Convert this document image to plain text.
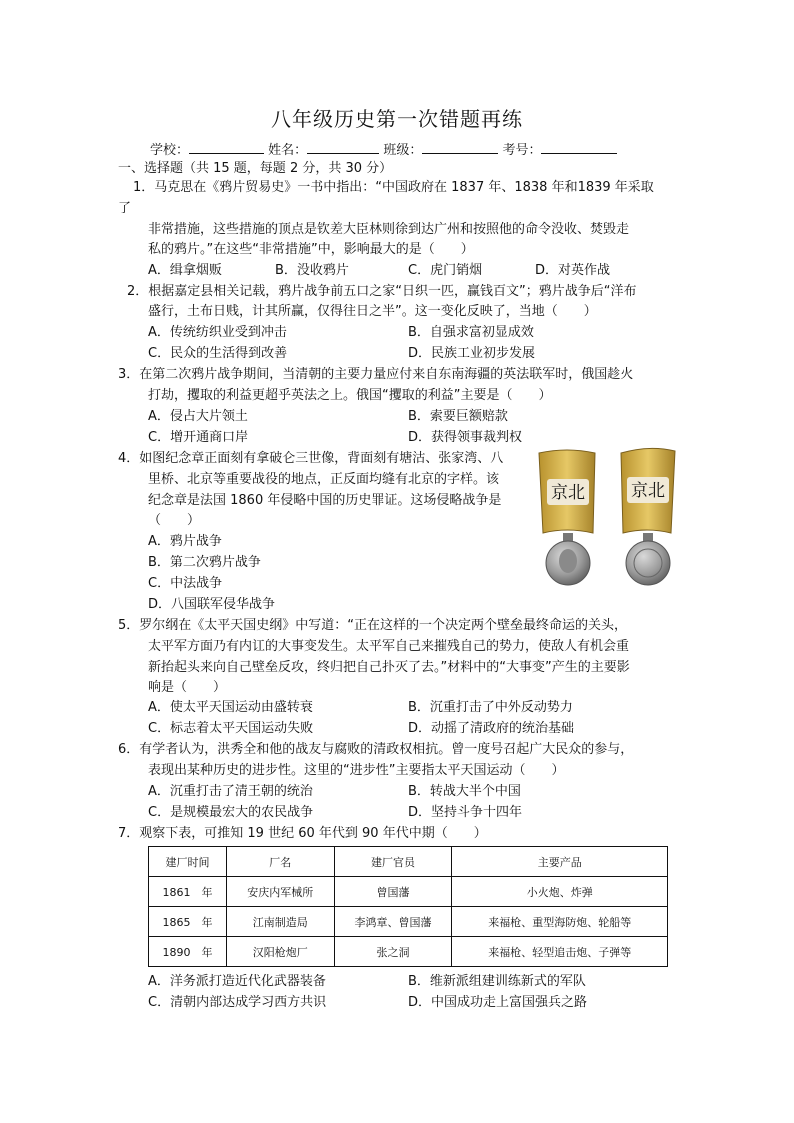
八年级历史第一次错题再练
学校：	姓名：	班级：	考号：
一、选择题（共 15 题，每题 2 分，共 30 分）
1．马克思在《鸦片贸易史》一书中指出：“中国政府在 1837 年、1838 年和1839 年采取
了
非常措施，这些措施的顶点是钦差大臣林则徐到达广州和按照他的命令没收、焚毁走
私的鸦片。”在这些“非常措施”中，影响最大的是（　　）
A．缉拿烟贩	B．没收鸦片	C．虎门销烟	D．对英作战
2．根据嘉定县相关记载，鸦片战争前五口之家“日织一匹，赢钱百文”；鸦片战争后“洋布
盛行，土布日贱，计其所赢，仅得往日之半”。这一变化反映了，当地（　　）
A．传统纺织业受到冲击	B．自强求富初显成效
C．民众的生活得到改善	D．民族工业初步发展
3．在第二次鸦片战争期间，当清朝的主要力量应付来自东南海疆的英法联军时，俄国趁火
打劫，攫取的利益更超乎英法之上。俄国“攫取的利益”主要是（　　）
A．侵占大片领土	B．索要巨额赔款
C．增开通商口岸	D．获得领事裁判权
4．如图纪念章正面刻有拿破仑三世像，背面刻有塘沽、张家湾、八
里桥、北京等重要战役的地点，正反面均缝有北京的字样。该
纪念章是法国 1860 年侵略中国的历史罪证。这场侵略战争是
（　　）
A．鸦片战争
B．第二次鸦片战争
C．中法战争
D．八国联军侵华战争
京北	京北
5．罗尔纲在《太平天国史纲》中写道：“正在这样的一个决定两个壁垒最终命运的关头，
太平军方面乃有内讧的大事变发生。太平军自己来摧残自己的势力，使敌人有机会重
新抬起头来向自己壁垒反攻，终归把自己扑灭了去。”材料中的“大事变”产生的主要影
响是（　　）
A．使太平天国运动由盛转衰	B．沉重打击了中外反动势力
C．标志着太平天国运动失败	D．动摇了清政府的统治基础
6．有学者认为，洪秀全和他的战友与腐败的清政权相抗。曾一度号召起广大民众的参与，
表现出某种历史的进步性。这里的“进步性”主要指太平天国运动（　　）
A．沉重打击了清王朝的统治	B．转战大半个中国
C．是规模最宏大的农民战争	D．坚持斗争十四年
7．观察下表，可推知 19 世纪 60 年代到 90 年代中期（　　）
建厂时间	厂名	建厂官员	主要产品
1861　年	安庆内军械所	曾国藩	小火炮、炸弹
1865　年	江南制造局	李鸿章、曾国藩	来福枪、重型海防炮、轮船等
1890　年	汉阳枪炮厂	张之洞	来福枪、轻型追击炮、子弹等
A．洋务派打造近代化武器装备	B．维新派组建训练新式的军队
C．清朝内部达成学习西方共识	D．中国成功走上富国强兵之路
